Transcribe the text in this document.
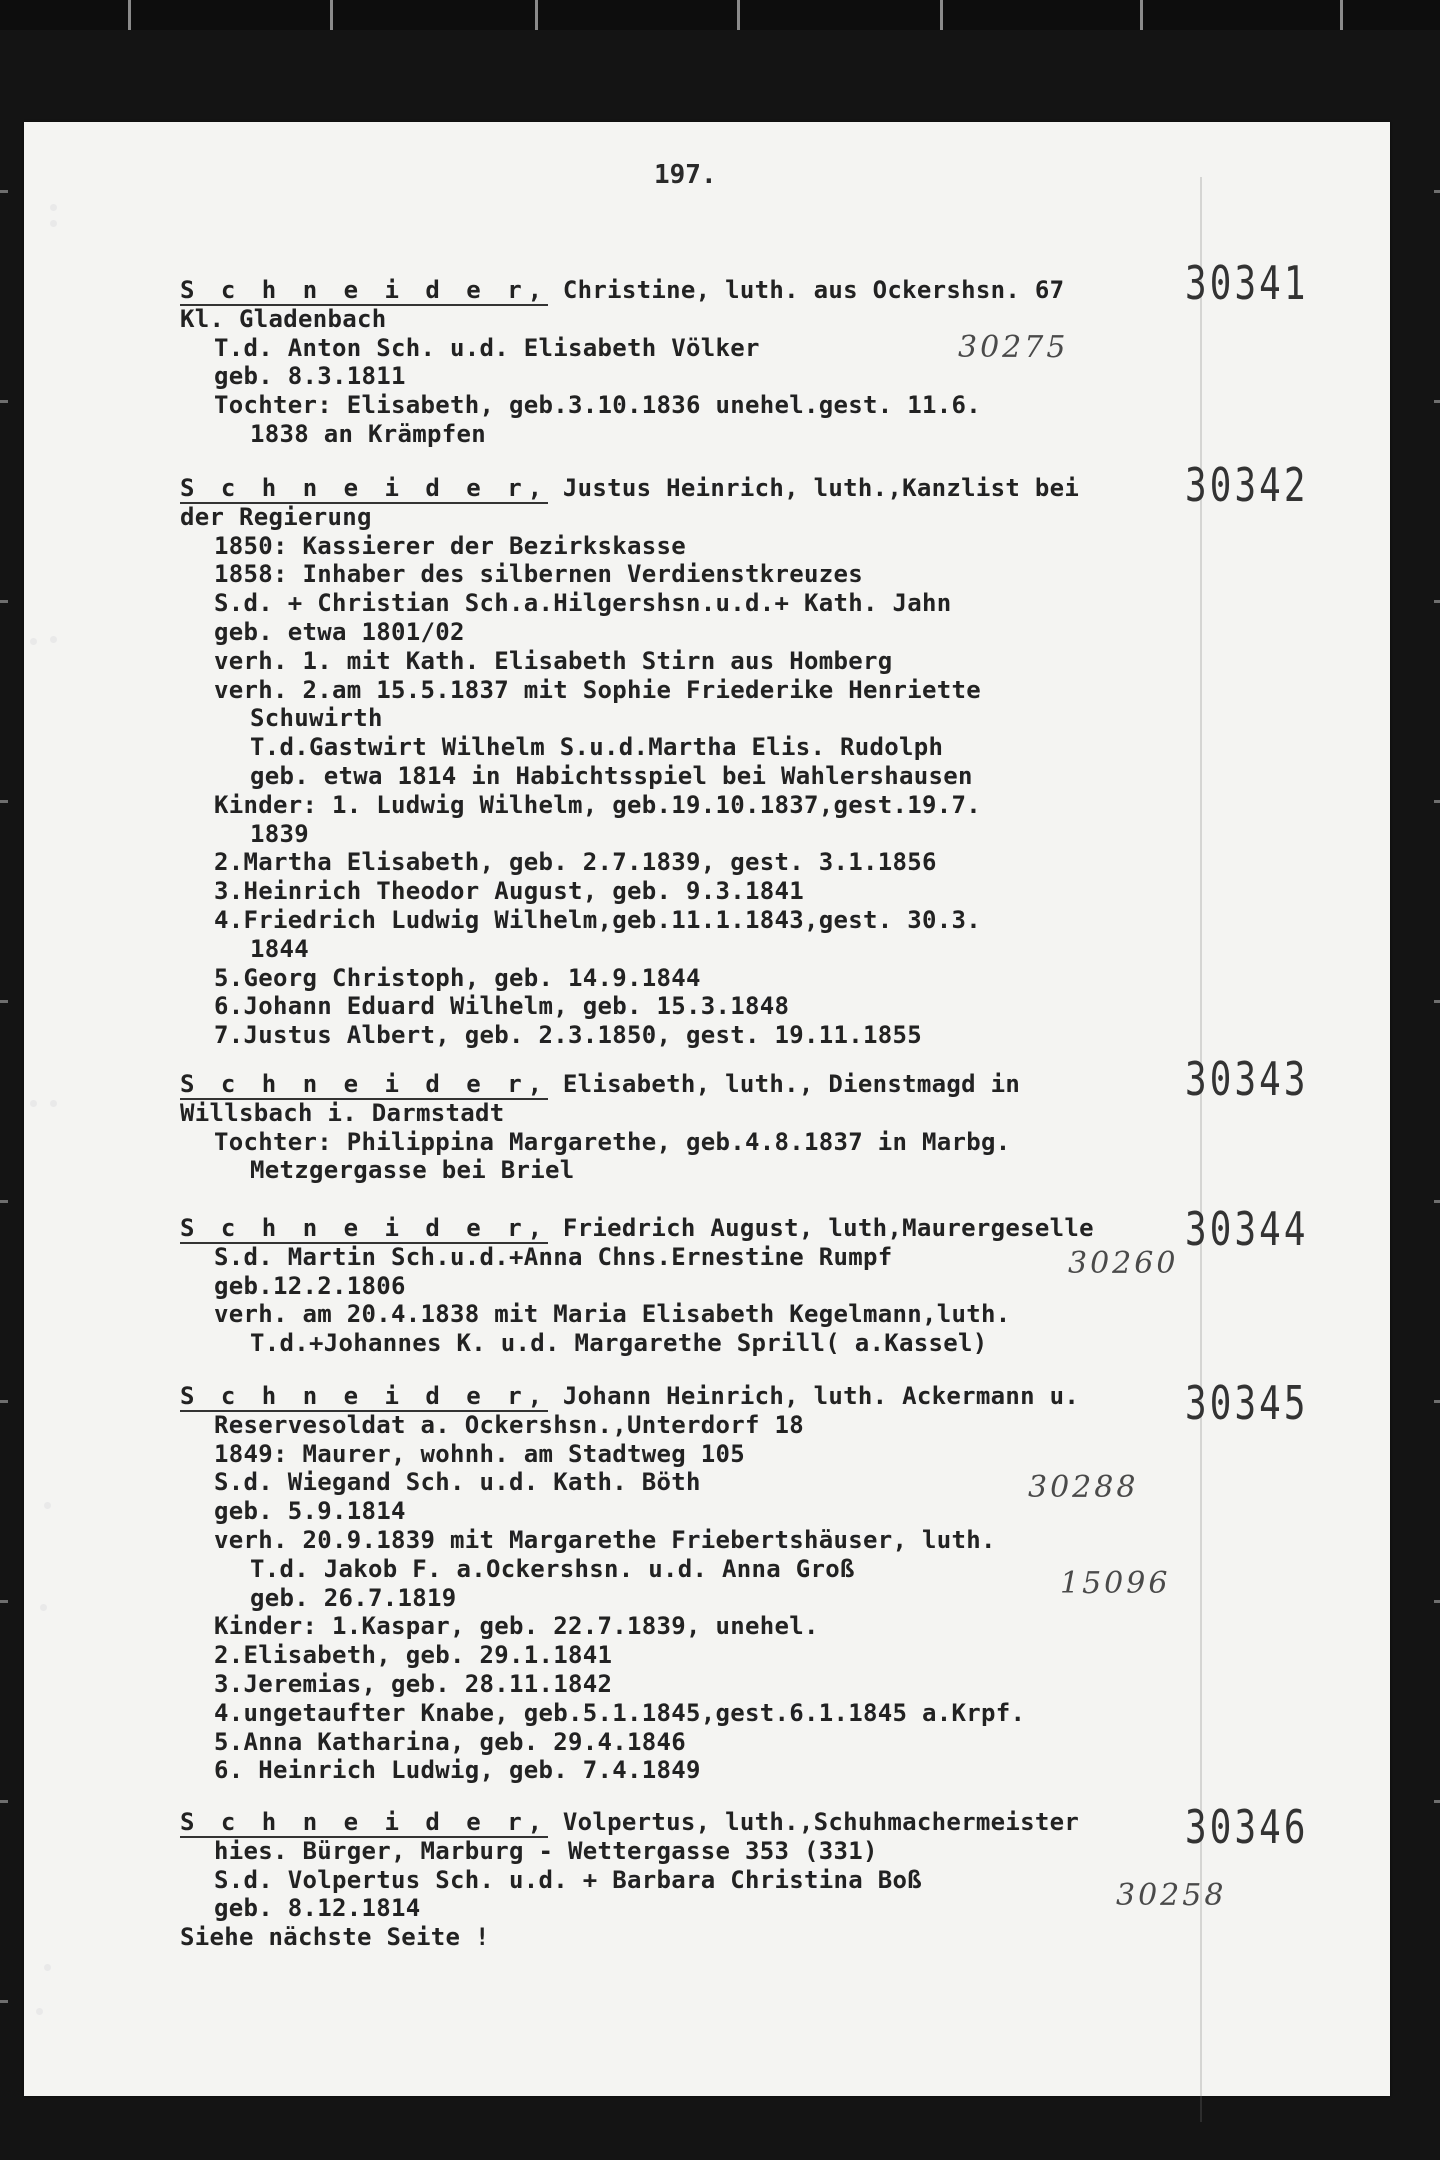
197.
30341
30275
S c h n e i d e r, Christine, luth. aus Ockershsn. 67
Kl. Gladenbach
T.d. Anton Sch. u.d. Elisabeth Völker
geb. 8.3.1811
Tochter: Elisabeth, geb.3.10.1836 unehel.gest. 11.6.
1838 an Krämpfen
30342
S c h n e i d e r, Justus Heinrich, luth.,Kanzlist bei
der Regierung
1850: Kassierer der Bezirkskasse
1858: Inhaber des silbernen Verdienstkreuzes
S.d. + Christian Sch.a.Hilgershsn.u.d.+ Kath. Jahn
geb. etwa 1801/02
verh. 1. mit Kath. Elisabeth Stirn aus Homberg
verh. 2.am 15.5.1837 mit Sophie Friederike Henriette
Schuwirth
T.d.Gastwirt Wilhelm S.u.d.Martha Elis. Rudolph
geb. etwa 1814 in Habichtsspiel bei Wahlershausen
Kinder: 1. Ludwig Wilhelm, geb.19.10.1837,gest.19.7.
1839
2.Martha Elisabeth, geb. 2.7.1839, gest. 3.1.1856
3.Heinrich Theodor August, geb. 9.3.1841
4.Friedrich Ludwig Wilhelm,geb.11.1.1843,gest. 30.3.
1844
5.Georg Christoph, geb. 14.9.1844
6.Johann Eduard Wilhelm, geb. 15.3.1848
7.Justus Albert, geb. 2.3.1850, gest. 19.11.1855
30343
S c h n e i d e r, Elisabeth, luth., Dienstmagd in
Willsbach i. Darmstadt
Tochter: Philippina Margarethe, geb.4.8.1837 in Marbg.
Metzgergasse bei Briel
30344
30260
S c h n e i d e r, Friedrich August, luth,Maurergeselle
S.d. Martin Sch.u.d.+Anna Chns.Ernestine Rumpf
geb.12.2.1806
verh. am 20.4.1838 mit Maria Elisabeth Kegelmann,luth.
T.d.+Johannes K. u.d. Margarethe Sprill( a.Kassel)
30345
30288
15096
S c h n e i d e r, Johann Heinrich, luth. Ackermann u.
Reservesoldat a. Ockershsn.,Unterdorf 18
1849: Maurer, wohnh. am Stadtweg 105
S.d. Wiegand Sch. u.d. Kath. Böth
geb. 5.9.1814
verh. 20.9.1839 mit Margarethe Friebertshäuser, luth.
T.d. Jakob F. a.Ockershsn. u.d. Anna Groß
geb. 26.7.1819
Kinder: 1.Kaspar, geb. 22.7.1839, unehel.
2.Elisabeth, geb. 29.1.1841
3.Jeremias, geb. 28.11.1842
4.ungetaufter Knabe, geb.5.1.1845,gest.6.1.1845 a.Krpf.
5.Anna Katharina, geb. 29.4.1846
6. Heinrich Ludwig, geb. 7.4.1849
30346
30258
S c h n e i d e r, Volpertus, luth.,Schuhmachermeister
hies. Bürger, Marburg - Wettergasse 353 (331)
S.d. Volpertus Sch. u.d. + Barbara Christina Boß
geb. 8.12.1814
Siehe nächste Seite !
